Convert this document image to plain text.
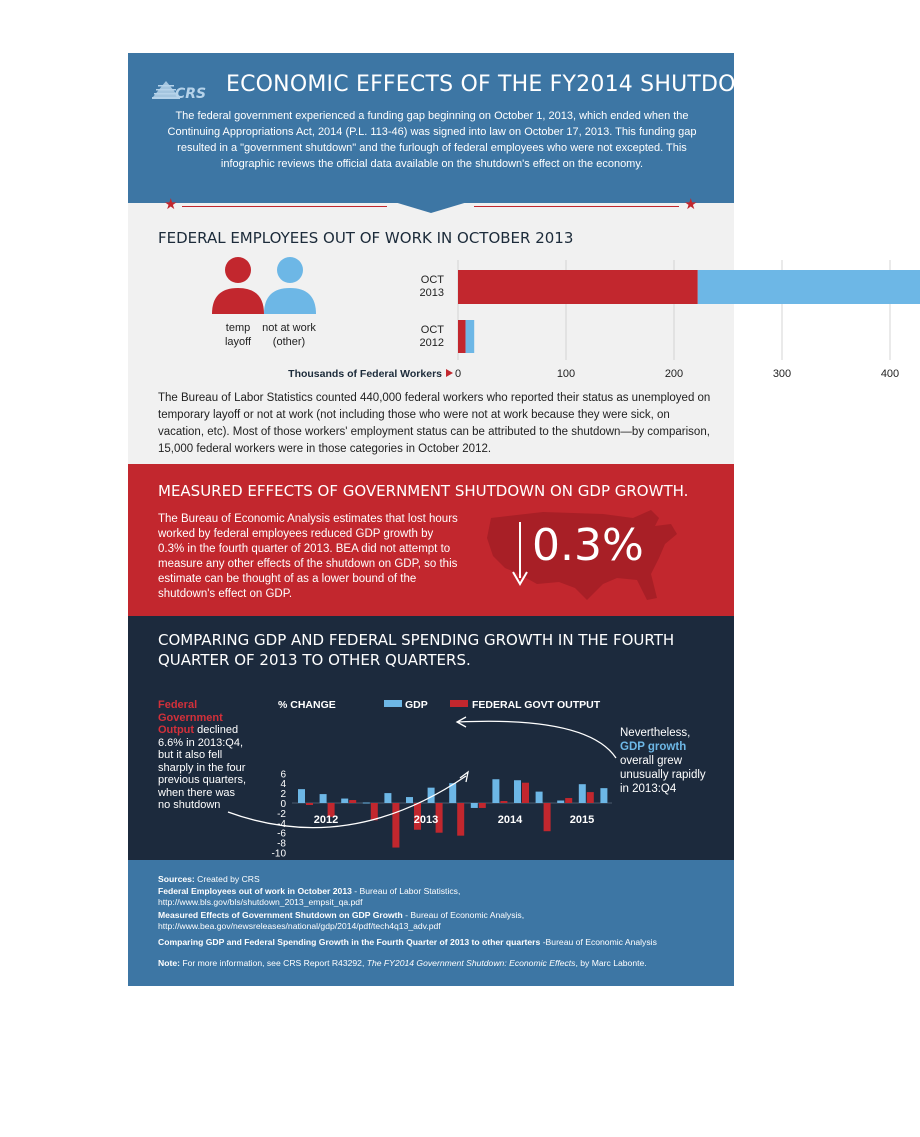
CRS ECONOMIC EFFECTS OF THE FY2014 SHUTDOWN
The federal government experienced a funding gap beginning on October 1, 2013, which ended when the Continuing Appropriations Act, 2014 (P.L. 113-46) was signed into law on October 17, 2013. This funding gap resulted in a "government shutdown" and the furlough of federal employees who were not excepted. This infographic reviews the official data available on the shutdown's effect on the economy.
★	★
FEDERAL EMPLOYEES OUT OF WORK IN OCTOBER 2013
temp
layoff
not at work
(other)
OCT
2013
OCT
2012
0	100	200	300	400
Thousands of Federal Workers
The Bureau of Labor Statistics counted 440,000 federal workers who reported their status as unemployed on temporary layoff or not at work (not including those who were not at work because they were sick, on vacation, etc). Most of those workers' employment status can be attributed to the shutdown—by comparison, 15,000 federal workers were in those categories in October 2012.
MEASURED EFFECTS OF GOVERNMENT SHUTDOWN ON GDP GROWTH.
The Bureau of Economic Analysis estimates that lost hours worked by federal employees reduced GDP growth by 0.3% in the fourth quarter of 2013. BEA did not attempt to measure any other effects of the shutdown on GDP, so this estimate can be thought of as a lower bound of the shutdown's effect on GDP.
0.3%
COMPARING GDP AND FEDERAL SPENDING GROWTH IN THE FOURTH QUARTER OF 2013 TO OTHER QUARTERS.
6
4
2
0
-2
-4
-6
-8
-10
2012	2013	2014	2015
% CHANGE	GDP	FEDERAL GOVT OUTPUT
Federal Government Output declined 6.6% in 2013:Q4, but it also fell sharply in the four previous quarters, when there was no shutdown
Nevertheless, GDP growth overall grew unusually rapidly in 2013:Q4
Sources: Created by CRS
Federal Employees out of work in October 2013 - Bureau of Labor Statistics,
http://www.bls.gov/bls/shutdown_2013_empsit_qa.pdf
Measured Effects of Government Shutdown on GDP Growth - Bureau of Economic Analysis,
http://www.bea.gov/newsreleases/national/gdp/2014/pdf/tech4q13_adv.pdf
Comparing GDP and Federal Spending Growth in the Fourth Quarter of 2013 to other quarters -Bureau of Economic Analysis
Note: For more information, see CRS Report R43292, The FY2014 Government Shutdown: Economic Effects, by Marc Labonte.
